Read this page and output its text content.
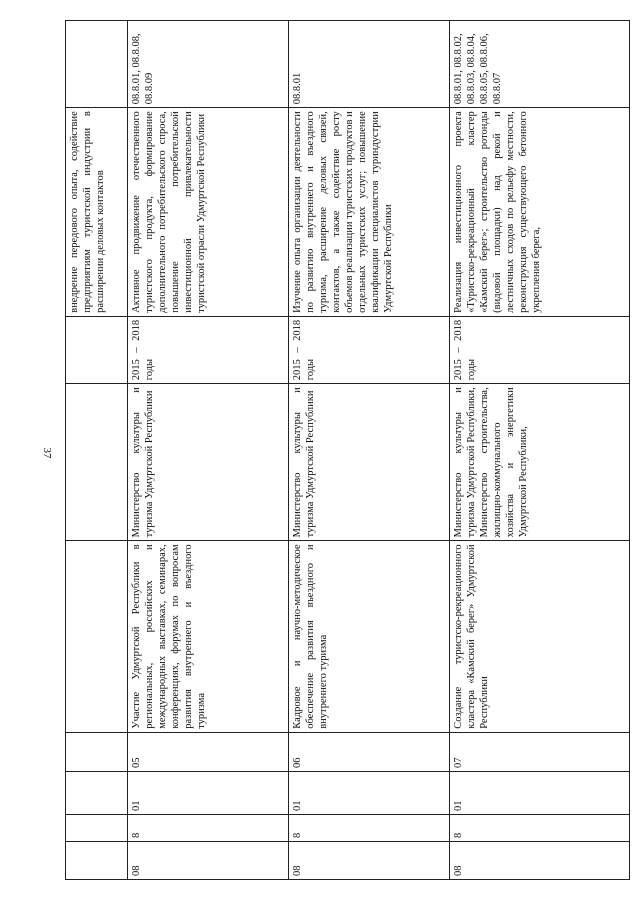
37
							внедрение передового опыта, содействие предприятиям туристской индустрии в расширении деловых контактов	
08	8	01	05	Участие Удмуртской Республики в региональных, российских и международных выставках, семинарах, конференциях, форумах по вопросам развития внутреннего и въездного туризма	Министерство культуры и туризма Удмуртской Республики	2015 – 2018 годы	Активное продвижение отечественного туристского продукта, формирование дополнительного потребительского спроса, повышение потребительской инвестиционной привлекательности туристской отрасли Удмуртской Республики	08.8.01, 08.8.08, 08.8.09
08	8	01	06	Кадровое и научно-методическое обеспечение развития въездного и внутреннего туризма	Министерство культуры и туризма Удмуртской Республики	2015 – 2018 годы	Изучение опыта организации деятельности по развитию внутреннего и въездного туризма, расширение деловых связей, контактов, а также содействие росту объемов реализации туристских продуктов и отдельных туристских услуг; повышение квалификации специалистов туриндустрии Удмуртской Республики	08.8.01
08	8	01	07	Создание туристско-рекреационного кластера «Камский берег» Удмуртской Республики	Министерство культуры и туризма Удмуртской Республики, Министерство строительства, жилищно-коммунального хозяйства и энергетики Удмуртской Республики,	2015 – 2018 годы	Реализация инвестиционного проекта «Туристско-рекреационный кластер «Камский берег»; строительство ротонды (видовой площадки) над рекой и лестничных сходов по рельефу местности, реконструкция существующего бетонного укрепления берега,	08.8.01, 08.8.02, 08.8.03, 08.8.04, 08.8.05, 08.8.06, 08.8.07
